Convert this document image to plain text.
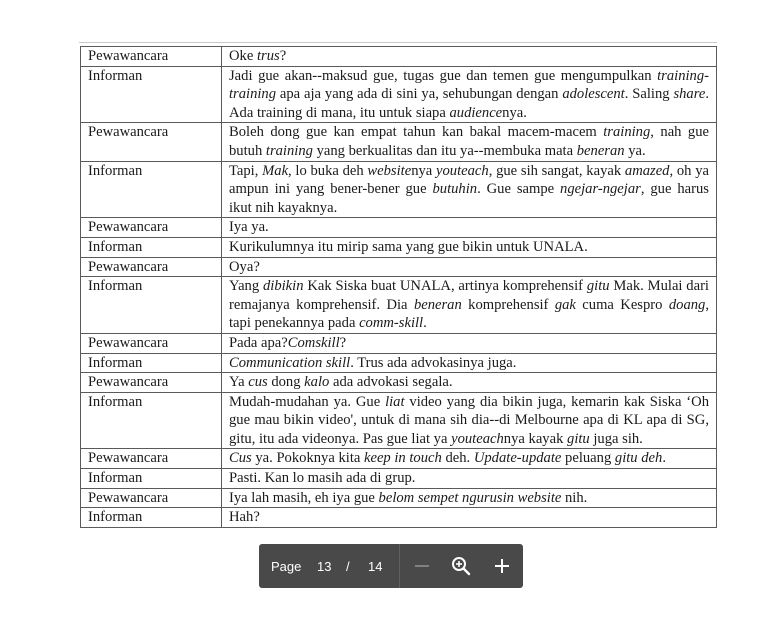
Pewawancara	Oke trus?
Informan	Jadi gue akan--maksud gue, tugas gue dan temen gue mengumpulkan training-training apa aja yang ada di sini ya, sehubungan dengan adolescent. Saling share. Ada training di mana, itu untuk siapa audiencenya.
Pewawancara	Boleh dong gue kan empat tahun kan bakal macem-macem training, nah gue butuh training yang berkualitas dan itu ya--membuka mata beneran ya.
Informan	Tapi, Mak, lo buka deh websitenya youteach, gue sih sangat, kayak amazed, oh ya ampun ini yang bener-bener gue butuhin. Gue sampe ngejar-ngejar, gue harus ikut nih kayaknya.
Pewawancara	Iya ya.
Informan	Kurikulumnya itu mirip sama yang gue bikin untuk UNALA.
Pewawancara	Oya?
Informan	Yang dibikin Kak Siska buat UNALA, artinya komprehensif gitu Mak. Mulai dari remajanya komprehensif. Dia beneran komprehensif gak cuma Kespro doang, tapi penekannya pada comm-skill.
Pewawancara	Pada apa?Comskill?
Informan	Communication skill. Trus ada advokasinya juga.
Pewawancara	Ya cus dong kalo ada advokasi segala.
Informan	Mudah-mudahan ya. Gue liat video yang dia bikin juga, kemarin kak Siska ‘Oh gue mau bikin video', untuk di mana sih dia--di Melbourne apa di KL apa di SG, gitu, itu ada videonya. Pas gue liat ya youteachnya kayak gitu juga sih.
Pewawancara	Cus ya. Pokoknya kita keep in touch deh. Update-update peluang gitu deh.
Informan	Pasti. Kan lo masih ada di grup.
Pewawancara	Iya lah masih, eh iya gue belom sempet ngurusin website nih.
Informan	Hah?
Page 13 / 14
